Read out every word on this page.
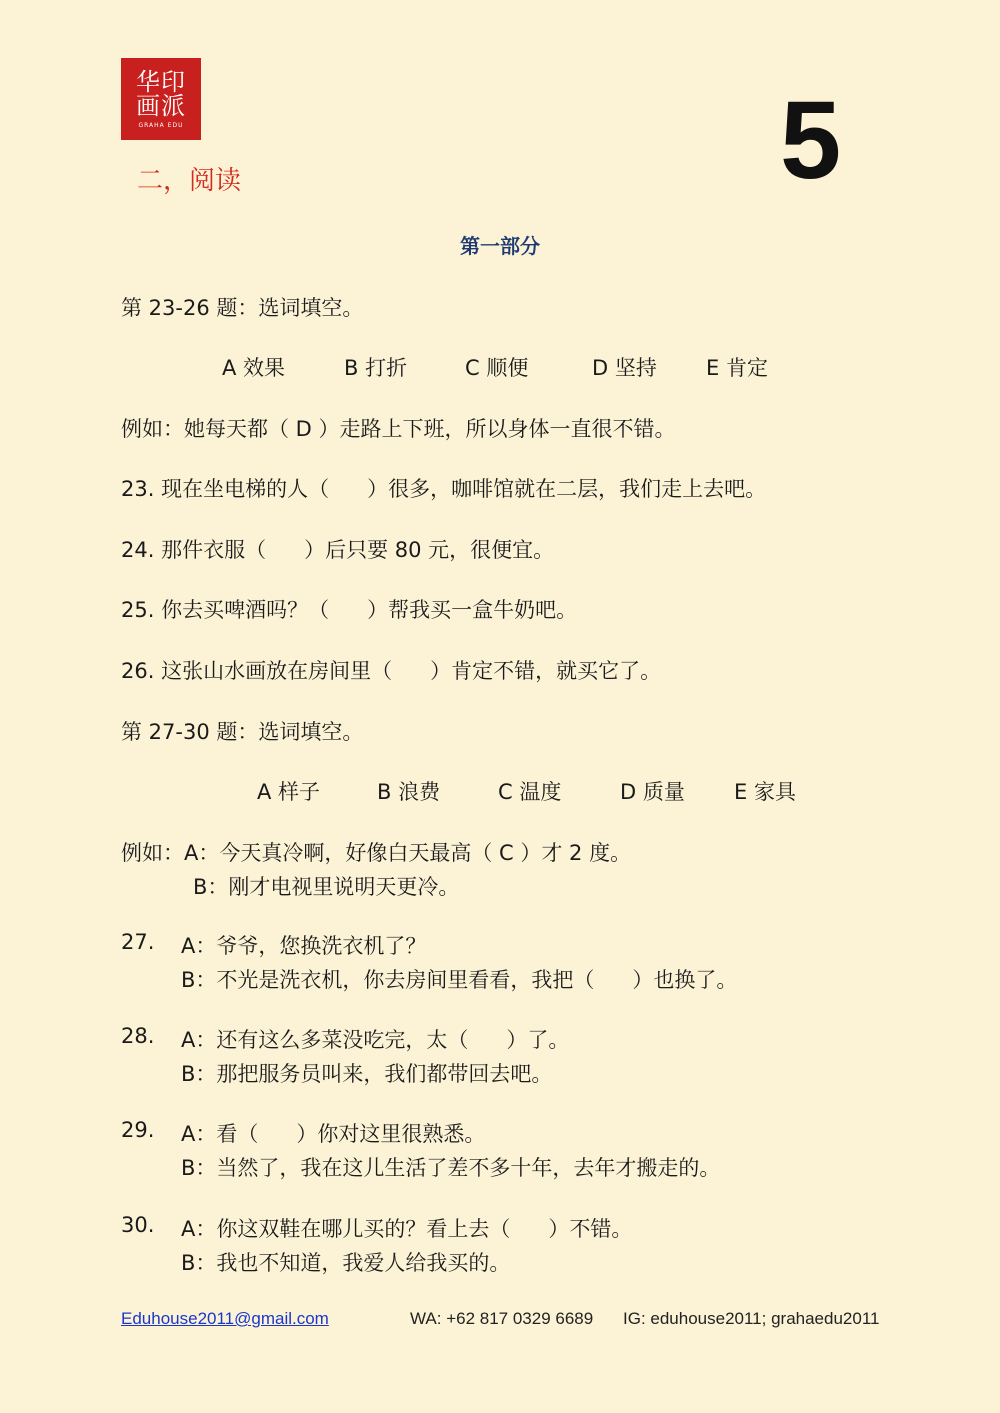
华印画派
GRAHA EDU
二，阅读	5
第一部分
第 23-26 题：选词填空。
A 效果	B 打折	C 顺便	D 坚持 E 肯定
例如：她每天都（ D ）走路上下班，所以身体一直很不错。
23. 现在坐电梯的人（ ）很多，咖啡馆就在二层，我们走上去吧。
24. 那件衣服（ ）后只要 80 元，很便宜。
25. 你去买啤酒吗？（ ）帮我买一盒牛奶吧。
26. 这张山水画放在房间里（ ）肯定不错，就买它了。
第 27-30 题：选词填空。
A 样子	B 浪费	C 温度	D 质量 E 家具
例如：A：今天真冷啊，好像白天最高（ C ）才 2 度。
B：刚才电视里说明天更冷。
27. A：爷爷，您换洗衣机了？
B：不光是洗衣机，你去房间里看看，我把（ ）也换了。
28. A：还有这么多菜没吃完，太（ ）了。
B：那把服务员叫来，我们都带回去吧。
29. A：看（ ）你对这里很熟悉。
B：当然了，我在这儿生活了差不多十年，去年才搬走的。
30. A：你这双鞋在哪儿买的？看上去（ ）不错。
B：我也不知道，我爱人给我买的。
Eduhouse2011@gmail.com	WA: +62 817 0329 6689 IG: eduhouse2011; grahaedu2011
